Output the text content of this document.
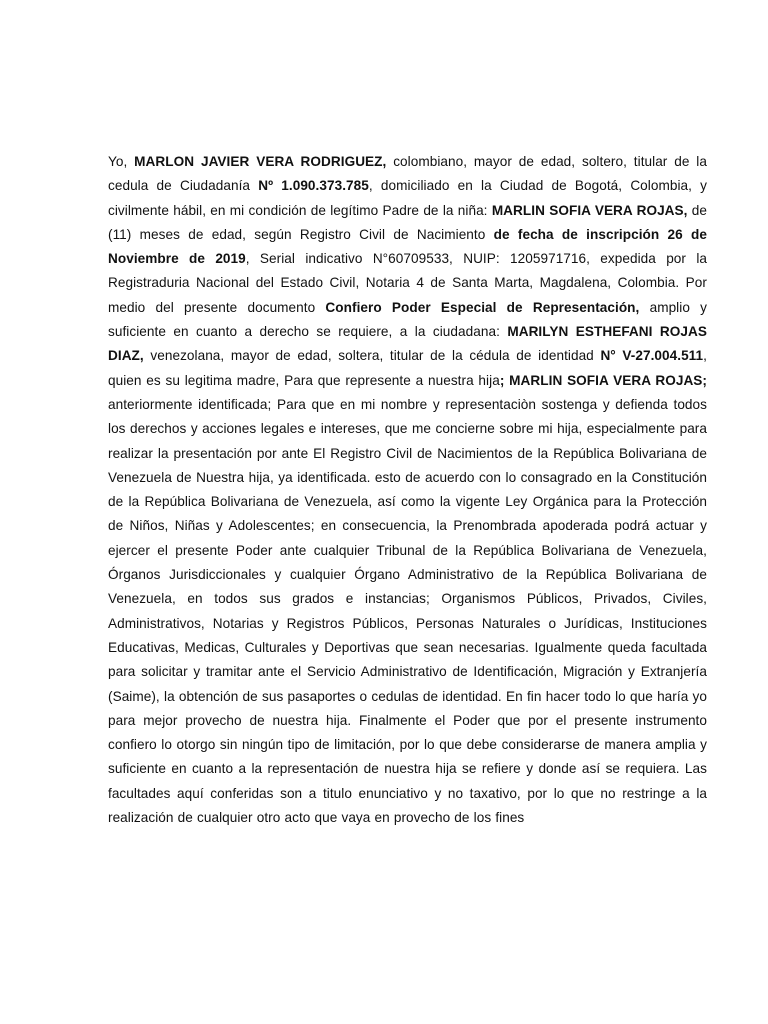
Yo, MARLON JAVIER VERA RODRIGUEZ, colombiano, mayor de edad, soltero, titular de la cedula de Ciudadanía Nº 1.090.373.785, domiciliado en la Ciudad de Bogotá, Colombia, y civilmente hábil, en mi condición de legítimo Padre de la niña: MARLIN SOFIA VERA ROJAS, de (11) meses de edad, según Registro Civil de Nacimiento de fecha de inscripción 26 de Noviembre de 2019, Serial indicativo N°60709533, NUIP: 1205971716, expedida por la Registraduria Nacional del Estado Civil, Notaria 4 de Santa Marta, Magdalena, Colombia. Por medio del presente documento Confiero Poder Especial de Representación, amplio y suficiente en cuanto a derecho se requiere, a la ciudadana: MARILYN ESTHEFANI ROJAS DIAZ, venezolana, mayor de edad, soltera, titular de la cédula de identidad N° V-27.004.511, quien es su legitima madre, Para que represente a nuestra hija; MARLIN SOFIA VERA ROJAS; anteriormente identificada; Para que en mi nombre y representaciòn sostenga y defienda todos los derechos y acciones legales e intereses, que me concierne sobre mi hija, especialmente para realizar la presentación por ante El Registro Civil de Nacimientos de la República Bolivariana de Venezuela de Nuestra hija, ya identificada. esto de acuerdo con lo consagrado en la Constitución de la República Bolivariana de Venezuela, así como la vigente Ley Orgánica para la Protección de Niños, Niñas y Adolescentes; en consecuencia, la Prenombrada apoderada podrá actuar y ejercer el presente Poder ante cualquier Tribunal de la República Bolivariana de Venezuela, Órganos Jurisdiccionales y cualquier Órgano Administrativo de la República Bolivariana de Venezuela, en todos sus grados e instancias; Organismos Públicos, Privados, Civiles, Administrativos, Notarias y Registros Públicos, Personas Naturales o Jurídicas, Instituciones Educativas, Medicas, Culturales y Deportivas que sean necesarias. Igualmente queda facultada para solicitar y tramitar ante el Servicio Administrativo de Identificación, Migración y Extranjería (Saime), la obtención de sus pasaportes o cedulas de identidad. En fin hacer todo lo que haría yo para mejor provecho de nuestra hija. Finalmente el Poder que por el presente instrumento confiero lo otorgo sin ningún tipo de limitación, por lo que debe considerarse de manera amplia y suficiente en cuanto a la representación de nuestra hija se refiere y donde así se requiera. Las facultades aquí conferidas son a titulo enunciativo y no taxativo, por lo que no restringe a la realización de cualquier otro acto que vaya en provecho de los fines
